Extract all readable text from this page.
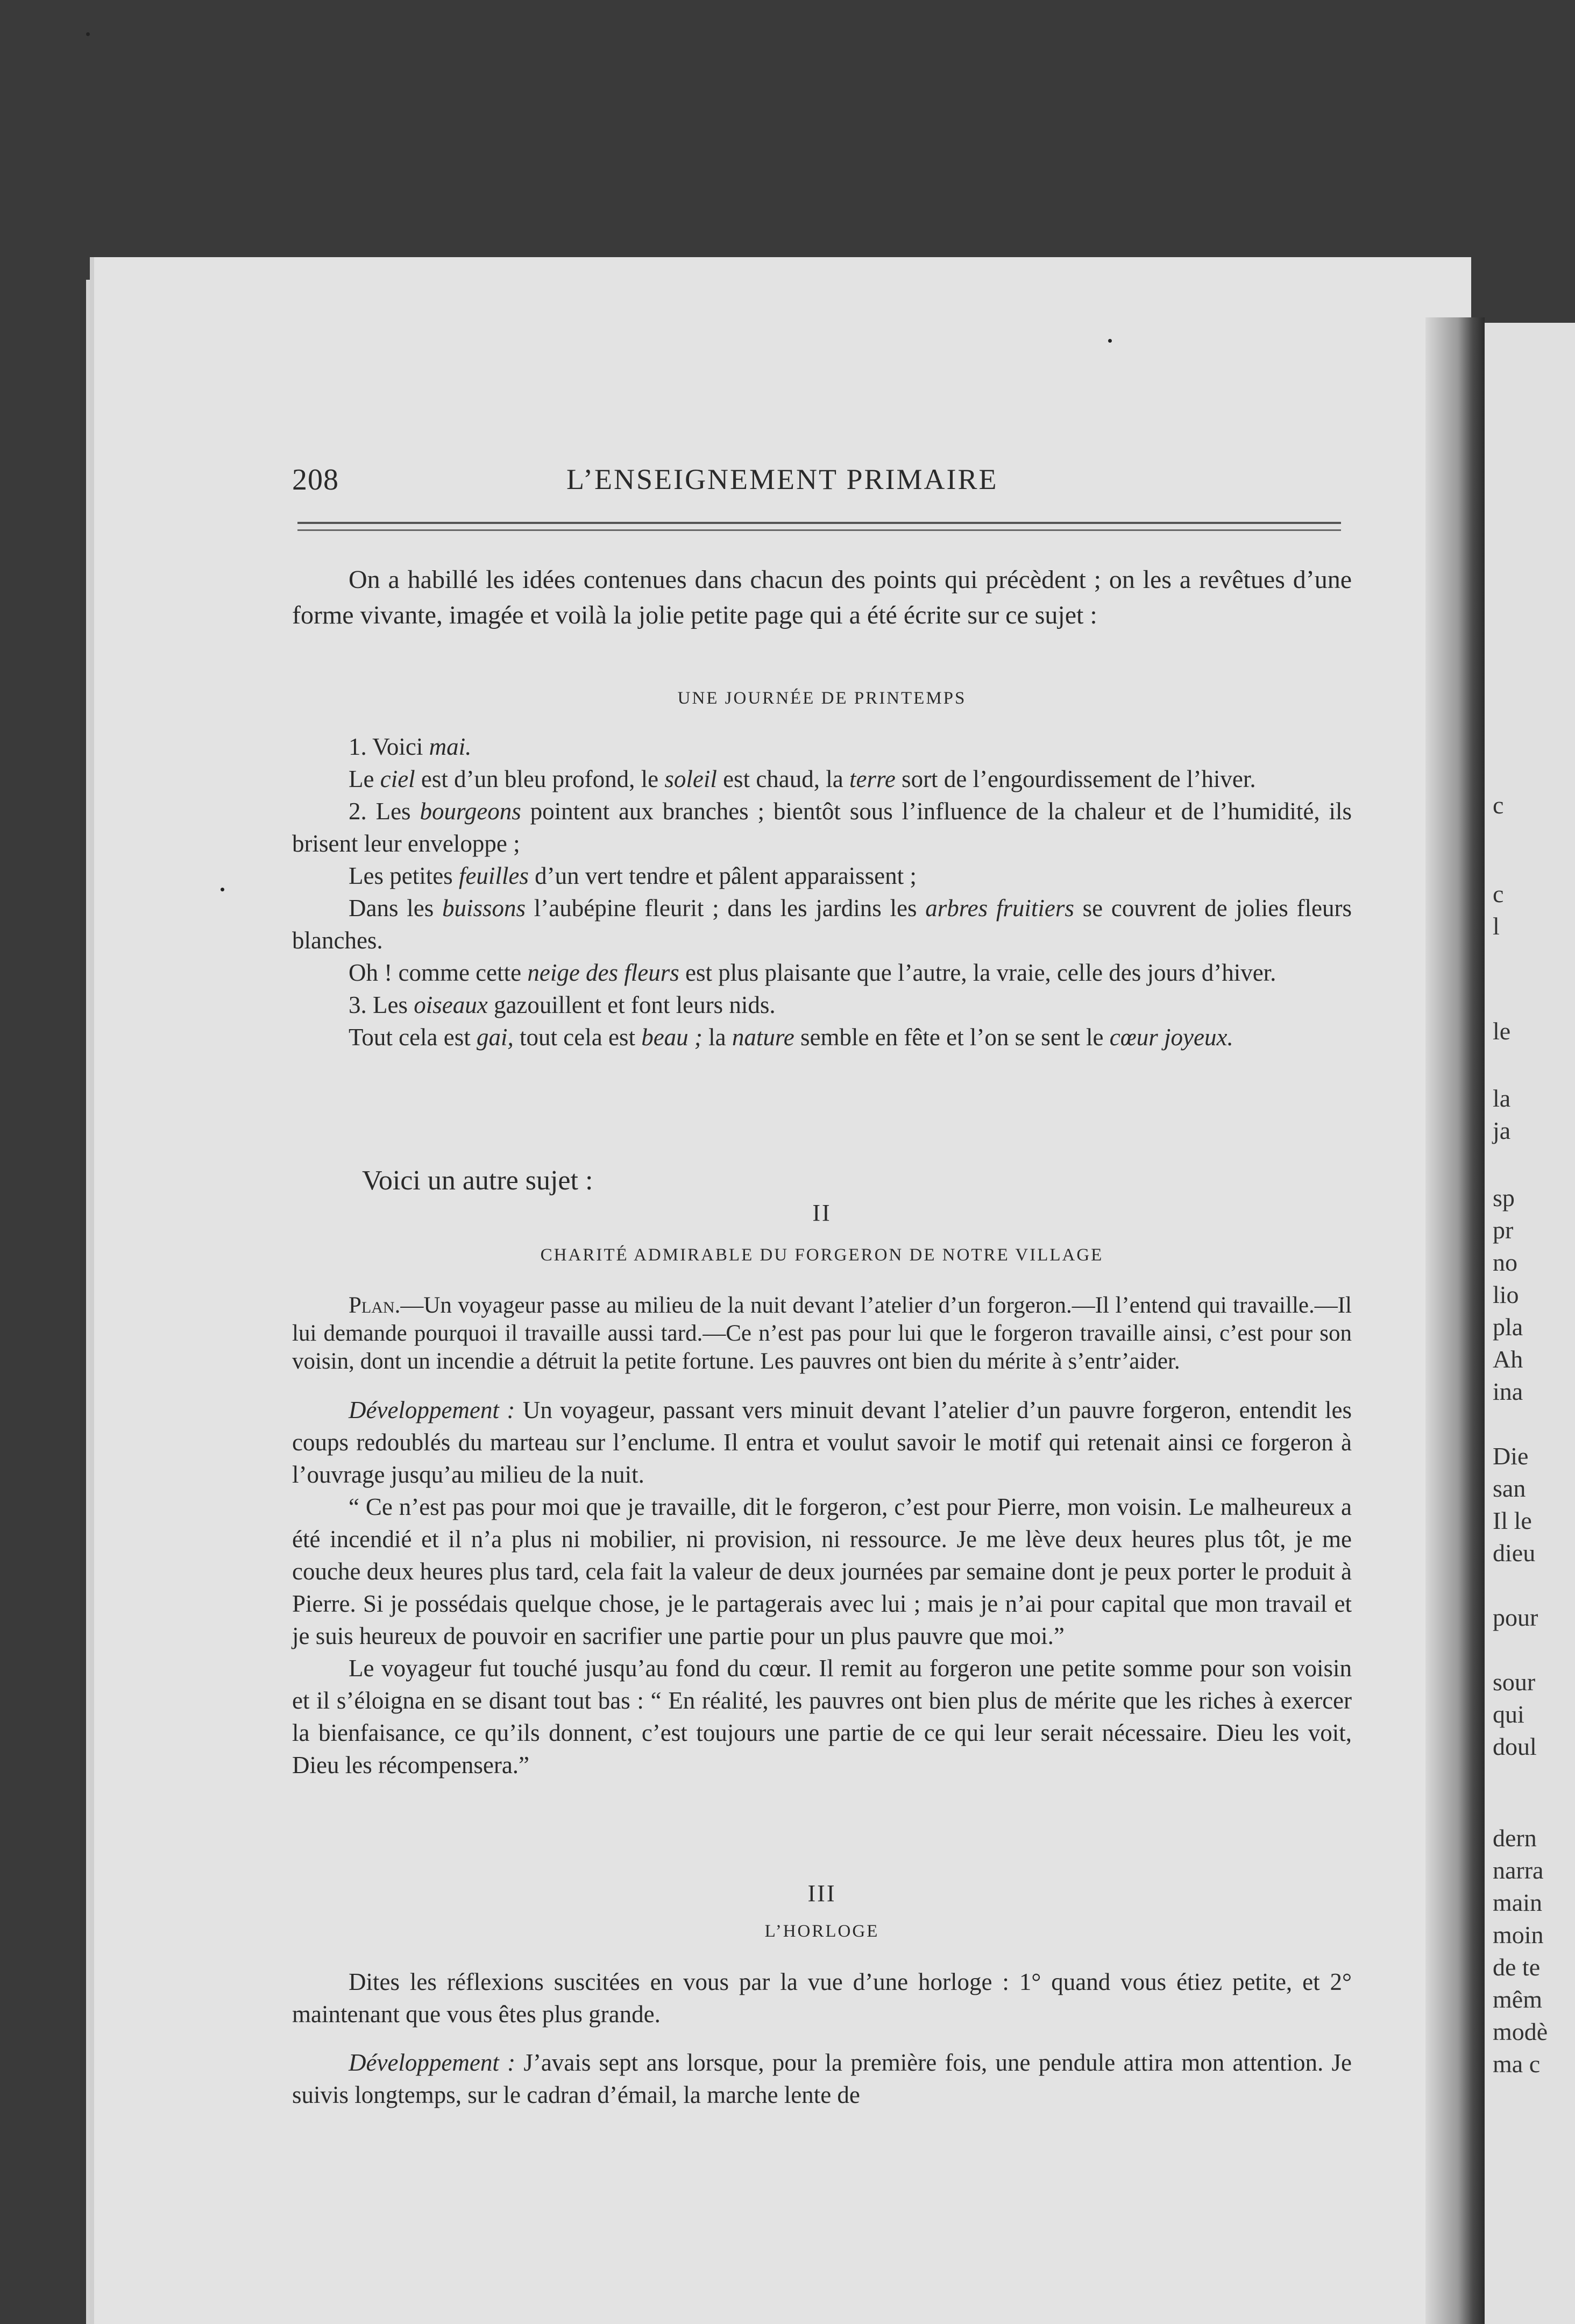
c
c
l
le
la
ja
sp
pr
no
lio
pla
Ah
ina
Die
san
Il le
dieu
pour
sour
qui
doul
dern
narra
main
moin
de te
mêm
modè
ma c
208	L’ENSEIGNEMENT PRIMAIRE

On a habillé les idées contenues dans chacun des points qui précèdent ; on les a revêtues d’une forme vivante, imagée et voilà la jolie petite page qui a été écrite sur ce sujet :

UNE JOURNÉE DE PRINTEMPS

1. Voici mai.

Le ciel est d’un bleu profond, le soleil est chaud, la terre sort de l’engourdissement de l’hiver.

2. Les bourgeons pointent aux branches ; bientôt sous l’influence de la chaleur et de l’humidité, ils brisent leur enveloppe ;

Les petites feuilles d’un vert tendre et pâlent apparaissent ;

Dans les buissons l’aubépine fleurit ; dans les jardins les arbres fruitiers se couvrent de jolies fleurs blanches.

Oh ! comme cette neige des fleurs est plus plaisante que l’autre, la vraie, celle des jours d’hiver.

3. Les oiseaux gazouillent et font leurs nids.

Tout cela est gai, tout cela est beau ; la nature semble en fête et l’on se sent le cœur joyeux.

Voici un autre sujet :

II

CHARITÉ ADMIRABLE DU FORGERON DE NOTRE VILLAGE

Plan.—Un voyageur passe au milieu de la nuit devant l’atelier d’un forgeron.—Il l’entend qui travaille.—Il lui demande pourquoi il travaille aussi tard.—Ce n’est pas pour lui que le forgeron travaille ainsi, c’est pour son voisin, dont un incendie a détruit la petite fortune. Les pauvres ont bien du mérite à s’entr’aider.

Développement : Un voyageur, passant vers minuit devant l’atelier d’un pauvre forgeron, entendit les coups redoublés du marteau sur l’enclume. Il entra et voulut savoir le motif qui retenait ainsi ce forgeron à l’ouvrage jusqu’au milieu de la nuit.

“ Ce n’est pas pour moi que je travaille, dit le forgeron, c’est pour Pierre, mon voisin. Le malheureux a été incendié et il n’a plus ni mobilier, ni provision, ni ressource. Je me lève deux heures plus tôt, je me couche deux heures plus tard, cela fait la valeur de deux journées par semaine dont je peux porter le produit à Pierre. Si je possédais quelque chose, je le partagerais avec lui ; mais je n’ai pour capital que mon travail et je suis heureux de pouvoir en sacrifier une partie pour un plus pauvre que moi.”

Le voyageur fut touché jusqu’au fond du cœur. Il remit au forgeron une petite somme pour son voisin et il s’éloigna en se disant tout bas : “ En réalité, les pauvres ont bien plus de mérite que les riches à exercer la bienfaisance, ce qu’ils donnent, c’est toujours une partie de ce qui leur serait nécessaire. Dieu les voit, Dieu les récompensera.”

III

L’HORLOGE

Dites les réflexions suscitées en vous par la vue d’une horloge : 1° quand vous étiez petite, et 2° maintenant que vous êtes plus grande.

Développement : J’avais sept ans lorsque, pour la première fois, une pendule attira mon attention. Je suivis longtemps, sur le cadran d’émail, la marche lente de
